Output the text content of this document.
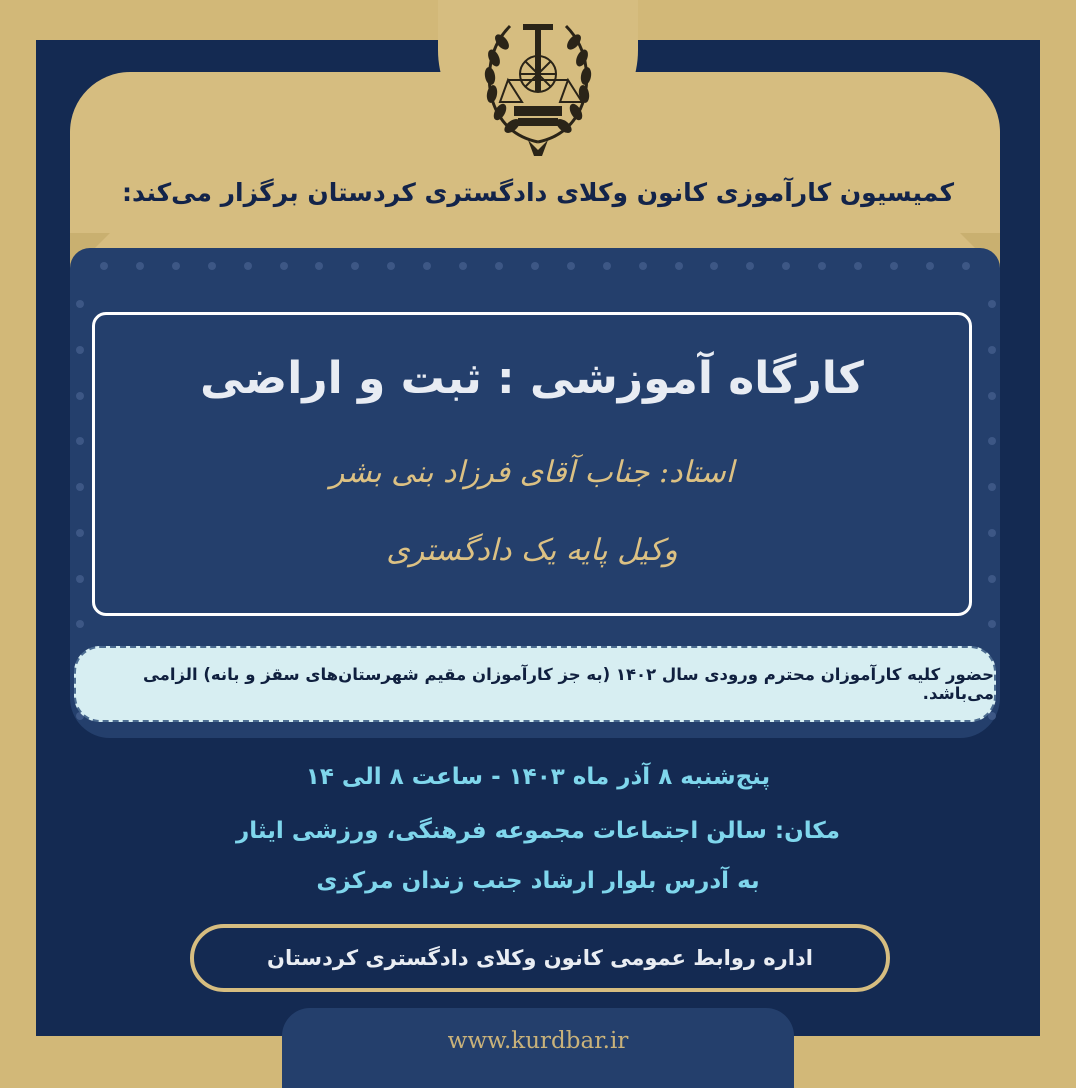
کمیسیون کارآموزی کانون وکلای دادگستری کردستان برگزار می‌کند:
کارگاه آموزشی : ثبت و اراضی
استاد: جناب آقای فرزاد بنی بشر
وکیل پایه یک دادگستری
حضور کلیه کارآموزان محترم ورودی سال ۱۴۰۲ (به جز کارآموزان مقیم شهرستان‌های سقز و بانه) الزامی می‌باشد.
پنج‌شنبه ۸ آذر ماه ۱۴۰۳ - ساعت ۸ الی ۱۴
مکان: سالن اجتماعات مجموعه فرهنگی، ورزشی ایثار
به آدرس بلوار ارشاد جنب زندان مرکزی
اداره روابط عمومی کانون وکلای دادگستری کردستان
www.kurdbar.ir
